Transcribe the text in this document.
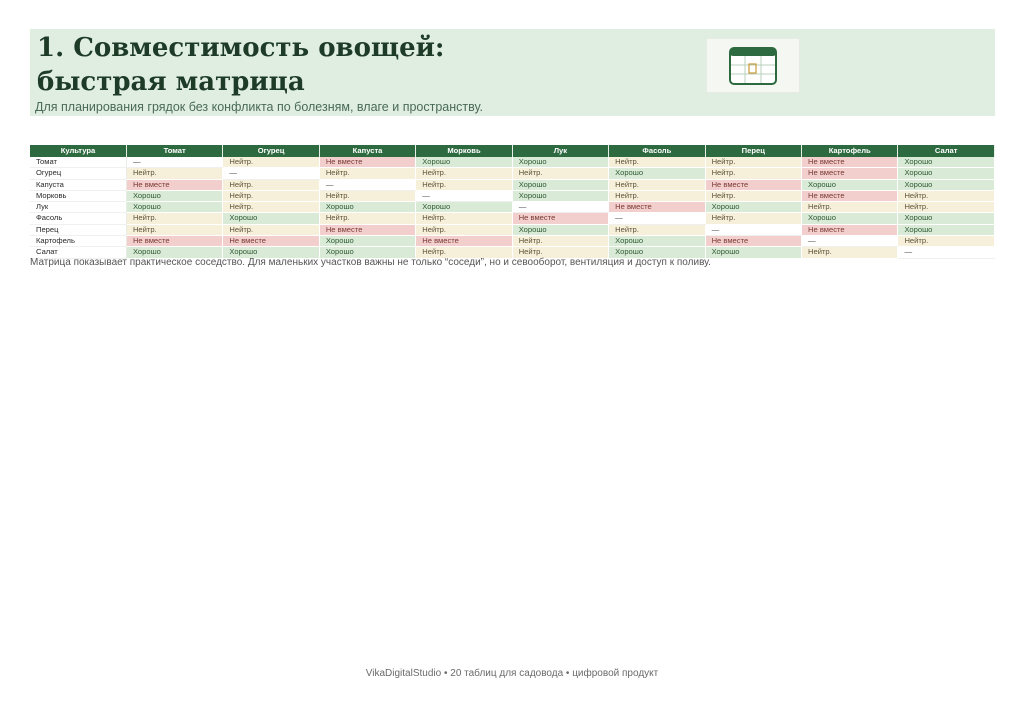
1. Совместимость овощей:
быстрая матрица
Для планирования грядок без конфликта по болезням, влаге и пространству.
Культура	Томат	Огурец	Капуста	Морковь	Лук	Фасоль	Перец	Картофель	Салат
Томат	—	Нейтр.	Не вместе	Хорошо	Хорошо	Нейтр.	Нейтр.	Не вместе	Хорошо
Огурец	Нейтр.	—	Нейтр.	Нейтр.	Нейтр.	Хорошо	Нейтр.	Не вместе	Хорошо
Капуста	Не вместе	Нейтр.	—	Нейтр.	Хорошо	Нейтр.	Не вместе	Хорошо	Хорошо
Морковь	Хорошо	Нейтр.	Нейтр.	—	Хорошо	Нейтр.	Нейтр.	Не вместе	Нейтр.
Лук	Хорошо	Нейтр.	Хорошо	Хорошо	—	Не вместе	Хорошо	Нейтр.	Нейтр.
Фасоль	Нейтр.	Хорошо	Нейтр.	Нейтр.	Не вместе	—	Нейтр.	Хорошо	Хорошо
Перец	Нейтр.	Нейтр.	Не вместе	Нейтр.	Хорошо	Нейтр.	—	Не вместе	Хорошо
Картофель	Не вместе	Не вместе	Хорошо	Не вместе	Нейтр.	Хорошо	Не вместе	—	Нейтр.
Салат	Хорошо	Хорошо	Хорошо	Нейтр.	Нейтр.	Хорошо	Хорошо	Нейтр.	—
Матрица показывает практическое соседство. Для маленьких участков важны не только “соседи”, но и севооборот, вентиляция и доступ к поливу.
VikaDigitalStudio • 20 таблиц для садовода • цифровой продукт
